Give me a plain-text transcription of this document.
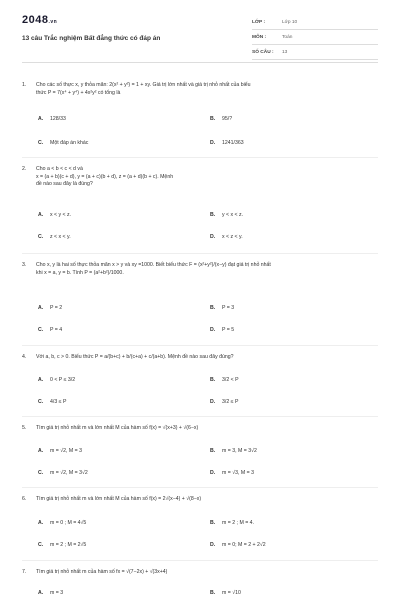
2048.vn
13 câu Trắc nghiệm Bất đẳng thức có đáp án
LỚP :	Lớp 10
MÔN :	Toán
SỐ CÂU :	13
1. Cho các số thực x, y thỏa mãn: 2(x² + y²) = 1 + xy. Giá trị lớn nhất và giá trị nhỏ nhất của biểu
thức P = 7(x⁴ + y⁴) + 4x²y² có tổng là
A. 128/33	B. 95/?
C. Một đáp án khác	D. 1241/363
2. Cho a < b < c < d và
x = (a + b)(c + d), y = (a + c)(b + d), z = (a + d)(b + c). Mệnh
đề nào sau đây là đúng?
A. x < y < z.	B. y < x < z.
C. z < x < y.	D. x < z < y.
3. Cho x, y là hai số thực thỏa mãn x > y và xy =1000. Biết biểu thức F = (x²+y²)/(x−y) đạt giá trị nhỏ nhất
khi x = a, y = b. Tính P = (a²+b²)/1000.
A. P = 2	B. P = 3
C. P = 4	D. P = 5
4. Với a, b, c > 0. Biểu thức P = a/(b+c) + b/(c+a) + c/(a+b). Mệnh đề nào sau đây đúng?
A. 0 < P ≤ 3/2	B. 3/2 < P
C. 4/3 ≤ P	D. 3/2 ≤ P
5. Tìm giá trị nhỏ nhất m và lớn nhất M của hàm số f(x) = √(x+3) + √(6−x)
A. m = √2, M = 3	B. m = 3, M = 3√2
C. m = √2, M = 3√2	D. m = √3, M = 3
6. Tìm giá trị nhỏ nhất m và lớn nhất M của hàm số f(x) = 2√(x−4) + √(8−x)
A. m = 0 ; M = 4√5	B. m = 2 ; M = 4.
C. m = 2 ; M = 2√5	D. m = 0; M = 2 + 2√2
7. Tìm giá trị nhỏ nhất m của hàm số fx = √(7−2x) + √(3x+4)
A. m = 3	B. m = √10
